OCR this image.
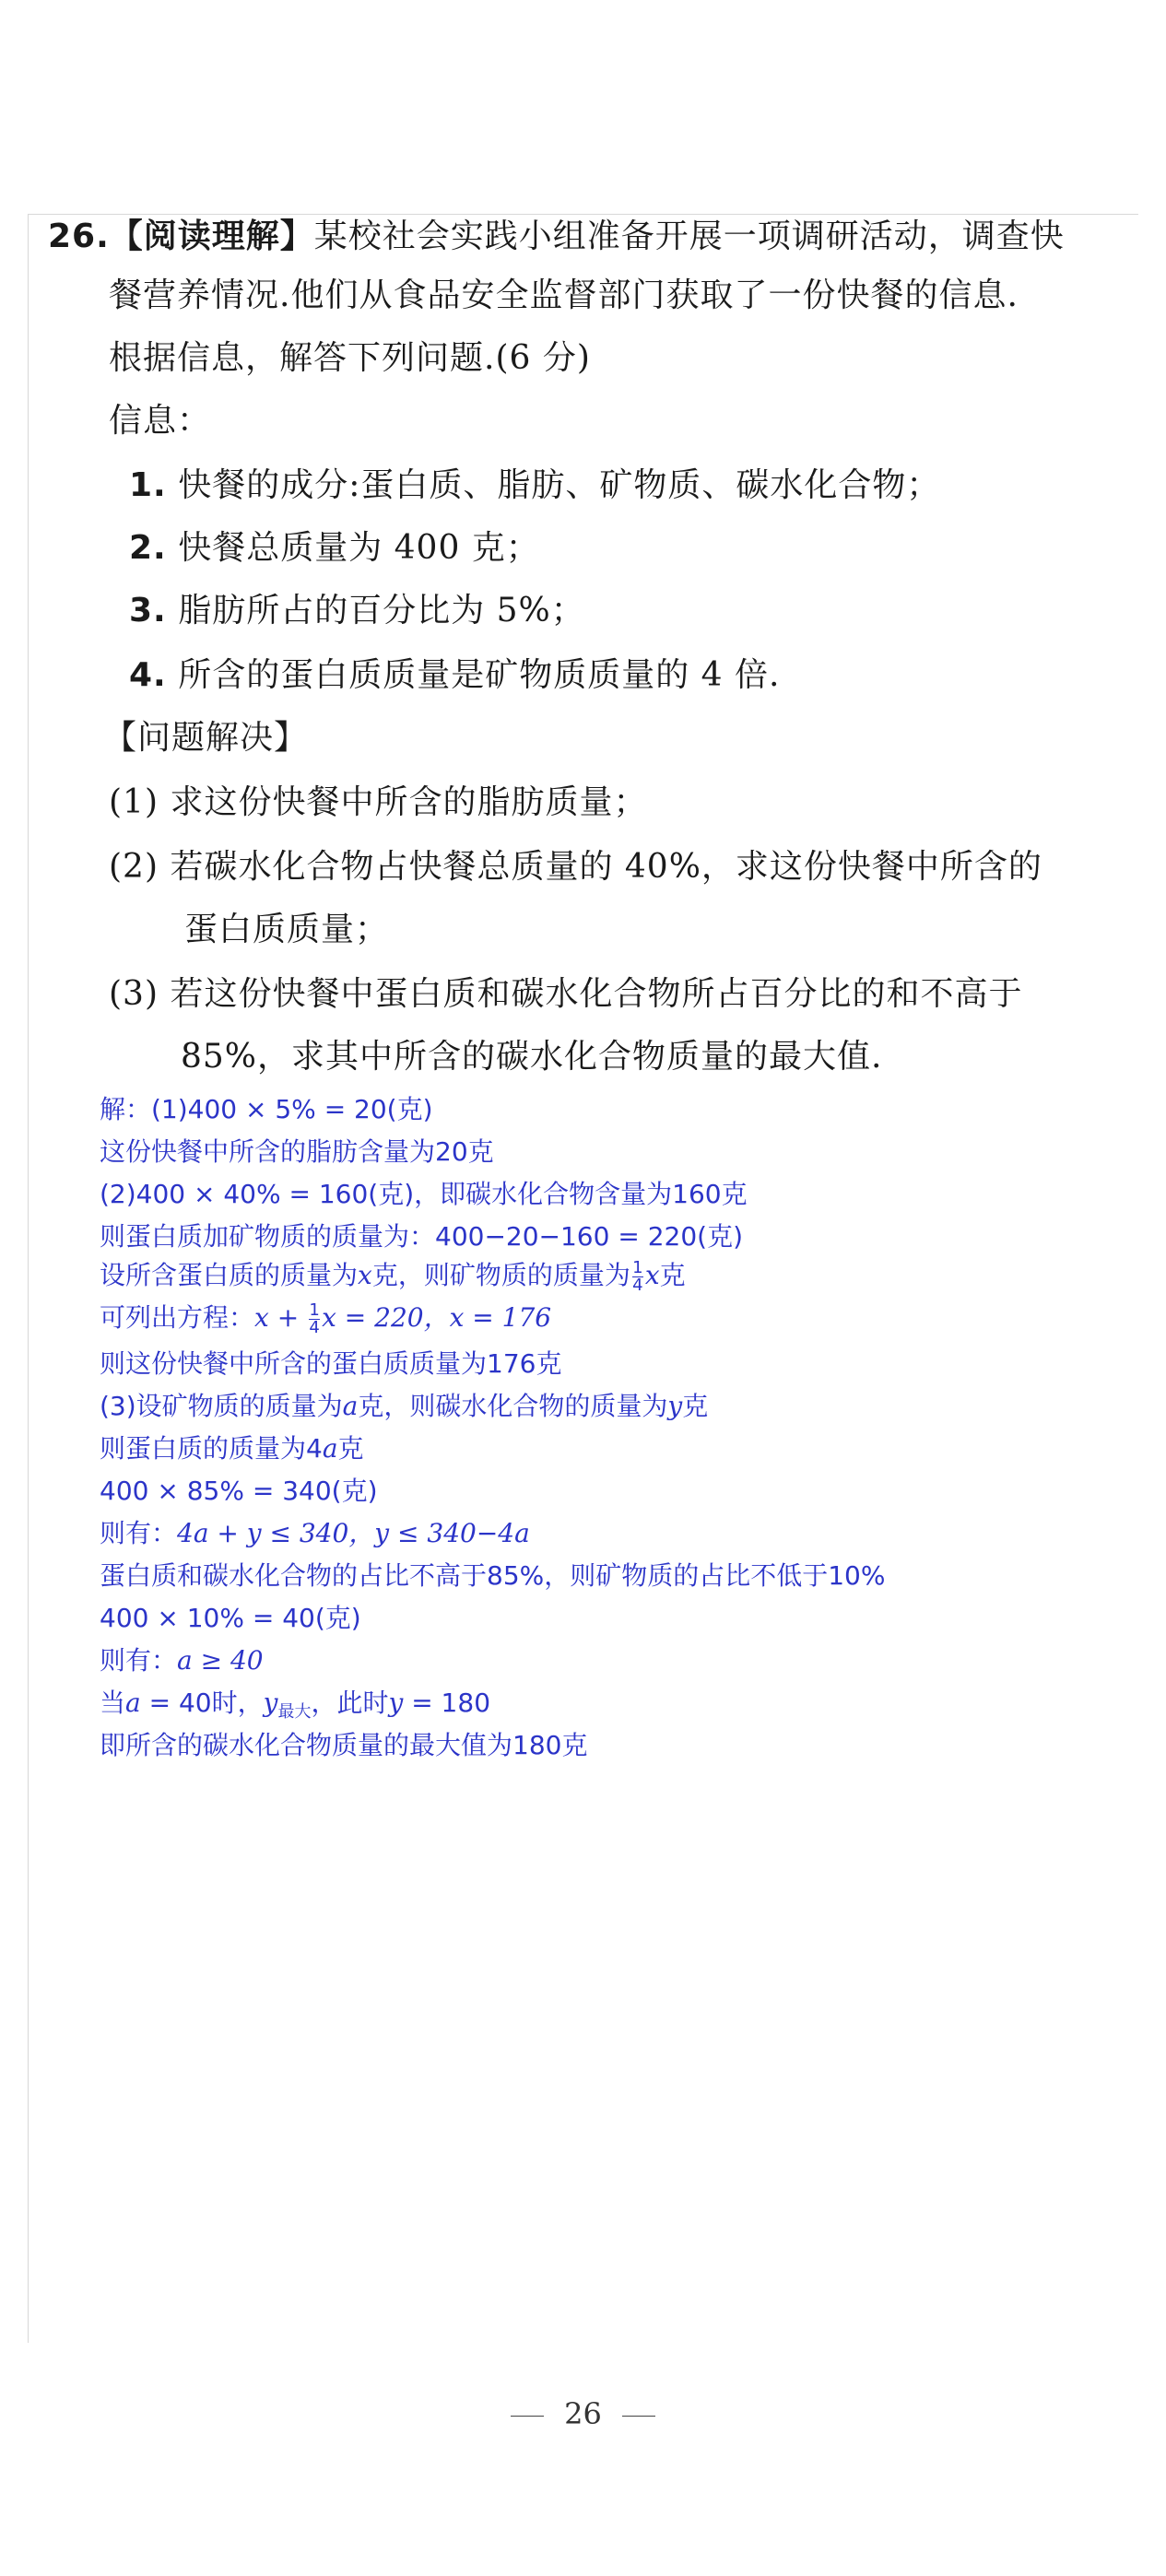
26.【阅读理解】某校社会实践小组准备开展一项调研活动，调查快
餐营养情况.他们从食品安全监督部门获取了一份快餐的信息.
根据信息，解答下列问题.(6 分)
信息：
1. 快餐的成分:蛋白质、脂肪、矿物质、碳水化合物；
2. 快餐总质量为 400 克；
3. 脂肪所占的百分比为 5%；
4. 所含的蛋白质质量是矿物质质量的 4 倍.
【问题解决】
(1) 求这份快餐中所含的脂肪质量；
(2) 若碳水化合物占快餐总质量的 40%，求这份快餐中所含的
蛋白质质量；
(3) 若这份快餐中蛋白质和碳水化合物所占百分比的和不高于
85%，求其中所含的碳水化合物质量的最大值.
解：(1)400 × 5% = 20(克)
这份快餐中所含的脂肪含量为20克
(2)400 × 40% = 160(克)，即碳水化合物含量为160克
则蛋白质加矿物质的质量为：400−20−160 = 220(克)
设所含蛋白质的质量为x克，则矿物质的质量为 $\frac{1}{4}$ x克
可列出方程：$x + \frac{1}{4}$ x = 220，x = 176
则这份快餐中所含的蛋白质质量为176克
(3)设矿物质的质量为a克，则碳水化合物的质量为y克
则蛋白质的质量为4a克
400 × 85% = 340(克)
则有：4a + y ≤ 340，y ≤ 340−4a
蛋白质和碳水化合物的占比不高于85%，则矿物质的占比不低于10%
400 × 10% = 40(克)
则有：a ≥ 40
当a = 40时，$y_{最大}$，此时y = 180
即所含的碳水化合物质量的最大值为180克
26
